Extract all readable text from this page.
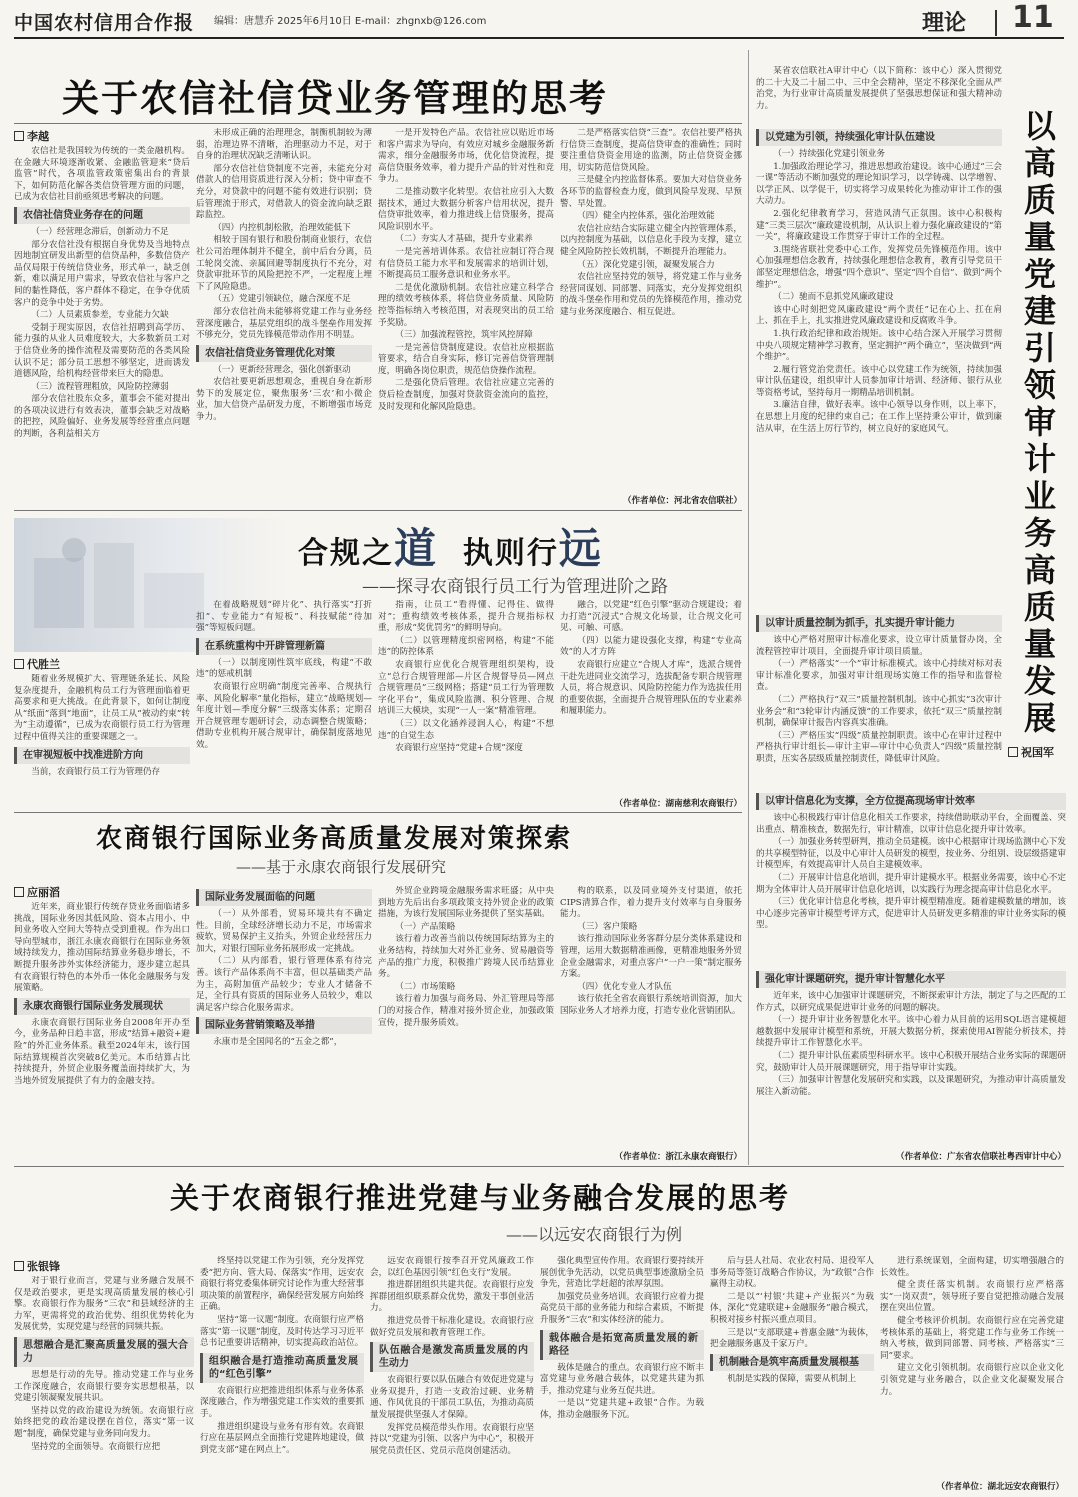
中国农村信用合作报 编辑：唐慧乔 2025年6月10日 E-mail：zhgnxb@126.com	理论 11
关于农信社信贷业务管理的思考
李越

农信社是我国较为传统的一类金融机构。在金融大环境逐渐收紧、金融监管迎来“贷后监管”时代，各项监管政策密集出台的背景下，如何防范化解各类信贷管理方面的问题，已成为农信社目前亟须思考解决的问题。

农信社信贷业务存在的问题

（一）经营理念滞后，创新动力不足

部分农信社没有根据自身优势及当地特点因地制宜研发出新型的信贷品种，多数信贷产品仅局限于传统信贷业务，形式单一，缺乏创新，难以满足用户需求，导致农信社与客户之间的黏性降低，客户群体不稳定，在争夺优质客户的竞争中处于劣势。

（二）人员素质参差，专业能力欠缺

受制于现实原因，农信社招聘到高学历、能力强的从业人员难度较大，大多数新员工对于信贷业务的操作流程及需要防范的各类风险认识不足；部分员工思想不够坚定，进而诱发道德风险，给机构经营带来巨大的隐患。

（三）流程管理粗放，风险防控薄弱

部分农信社股东众多，董事会不能对提出的各项决议进行有效表决，董事会缺乏对战略的把控，风险偏好、业务发展等经营重点问题的判断，各利益相关方

未形成正确的治理理念，制衡机制较为薄弱，治理边界不清晰，治理驱动力不足，对于自身的治理状况缺乏清晰认识。

部分农信社信贷制度不完善，未能充分对借款人的信用资质进行深入分析；贷中审查不充分，对贷款中的问题不能有效进行识别；贷后管理流于形式，对借款人的资金流向缺乏跟踪监控。

（四）内控机制松散，治理效能低下

相较于国有银行和股份制商业银行，农信社公司治理体制并不健全，前中后台分离，员工轮岗交流、亲属回避等制度执行不充分，对贷款审批环节的风险把控不严，一定程度上埋下了风险隐患。

（五）党建引领缺位，融合深度不足

部分农信社尚未能够将党建工作与业务经营深度融合，基层党组织的战斗堡垒作用发挥不够充分，党员先锋模范带动作用不明显。

农信社信贷业务管理优化对策

（一）更新经营理念，强化创新驱动

农信社要更新思想观念，重视自身在新形势下的发展定位，聚焦服务‘三农’和小微企业，加大信贷产品研发力度，不断增强市场竞争力。

一是开发特色产品。农信社应以贴近市场和客户需求为导向，有效应对城乡金融服务新需求，细分金融服务市场，优化信贷流程，提高信贷服务效率，着力提升产品的针对性和竞争力。

二是推动数字化转型。农信社应引入大数据技术，通过大数据分析客户信用状况，提升信贷审批效率，着力推进线上信贷服务，提高风险识别水平。

（二）夯实人才基础，提升专业素养

一是完善培训体系。农信社应制订符合现有信贷员工能力水平和发展需求的培训计划，不断提高员工服务意识和业务水平。

二是优化激励机制。农信社应建立科学合理的绩效考核体系，将信贷业务质量、风险防控等指标纳入考核范围，对表现突出的员工给予奖励。

（三）加强流程管控，筑牢风控屏障

一是完善信贷制度建设。农信社应根据监管要求，结合自身实际，修订完善信贷管理制度，明确各岗位职责，规范信贷操作流程。

二是强化贷后管理。农信社应建立完善的贷后检查制度，加强对贷款资金流向的监控，及时发现和化解风险隐患。

二是严格落实信贷“三查”。农信社要严格执行信贷三查制度，提高信贷审查的准确性；同时要注重信贷资金用途的监测，防止信贷资金挪用，切实防范信贷风险。

三是健全内控监督体系。要加大对信贷业务各环节的监督检查力度，做到风险早发现、早预警、早处置。

（四）健全内控体系，强化治理效能

农信社应结合实际建立健全内控管理体系，以内控制度为基础，以信息化手段为支撑，建立健全风险防控长效机制，不断提升治理能力。

（五）深化党建引领，凝聚发展合力

农信社应坚持党的领导，将党建工作与业务经营同谋划、同部署、同落实，充分发挥党组织的战斗堡垒作用和党员的先锋模范作用，推动党建与业务深度融合、相互促进。

（作者单位：河北省农信联社）
合规之道 执则行远
——探寻农商银行员工行为管理进阶之路
代胜兰

随着业务规模扩大、管理链条延长、风险复杂度提升，金融机构员工行为管理面临着更高要求和更大挑战。在此背景下，如何让制度从“纸面”落到“地面”，让员工从“被动约束”转为“主动遵循”，已成为农商银行员工行为管理过程中值得关注的重要课题之一。

在审视短板中找准进阶方向

当前，农商银行员工行为管理仍存

在着战略规划“碎片化”、执行落实“打折扣”、专业能力“有短板”、科技赋能“待加强”等短板问题。

在系统重构中开辟管理新篇

（一）以制度刚性筑牢底线，构建“不敢违”的惩戒机制

农商银行应明确“制度完善率、合规执行率、风险化解率”量化指标，建立“战略规划—年度计划—季度分解”三级落实体系；定期召开合规管理专题研讨会，动态调整合规策略；借助专业机构开展合规审计，确保制度落地见效。

指南，让员工“看得懂、记得住、做得对”；重构绩效考核体系，提升合规指标权重，形成“奖优罚劣”的鲜明导向。

（二）以管理精度织密网格，构建“不能违”的防控体系

农商银行应优化合规管理组织架构，设立“总行合规管理部—片区合规督导员—网点合规管理员”三级网格；搭建“员工行为管理数字化平台”，集成风险监测、积分管理、合规培训三大模块，实现“一人一案”精准管理。

（三）以文化涵养浸润人心，构建“不想违”的自觉生态

农商银行应坚持“党建+合规”深度

融合，以党建“红色引擎”驱动合规建设；着力打造“沉浸式”合规文化场景，让合规文化可见、可触、可感。

（四）以能力建设强化支撑，构建“专业高效”的人才方阵

农商银行应建立“合规人才库”，选派合规骨干赴先进同业交流学习，选拔配备专职合规管理人员，将合规意识、风险防控能力作为选拔任用的重要依据，全面提升合规管理队伍的专业素养和履职能力。

（作者单位：湖南慈利农商银行）
农商银行国际业务高质量发展对策探索
——基于永康农商银行发展研究
应丽滔

近年来，商业银行传统存贷业务面临诸多挑战，国际业务因其低风险、资本占用小、中间业务收入空间大等特点受到重视。作为出口导向型城市，浙江永康农商银行在国际业务领域持续发力，推动国际结算业务稳步增长，不断提升服务涉外实体经济能力，逐步建立起具有农商银行特色的本外币一体化金融服务与发展策略。

永康农商银行国际业务发展现状

永康农商银行国际业务自2008年开办至今，业务品种日趋丰富，形成“结算+融资+避险”的外汇业务体系。截至2024年末，该行国际结算规模首次突破8亿美元。本币结算占比持续提升，外贸企业服务覆盖面持续扩大，为当地外贸发展提供了有力的金融支持。

国际业务发展面临的问题

（一）从外部看，贸易环境共有不确定性。目前，全球经济增长动力不足，市场需求疲软，贸易保护主义抬头，外贸企业经营压力加大，对银行国际业务拓展形成一定挑战。

（二）从内部看，银行管理体系有待完善。该行产品体系尚不丰富，但以基础类产品为主，高附加值产品较少；专业人才储备不足，全行具有资质的国际业务人员较少，难以满足客户综合化服务需求。

国际业务营销策略及举措

永康市是全国闻名的“五金之都”，

外贸企业跨境金融服务需求旺盛；从中央到地方先后出台多项政策支持外贸企业的政策措施，为该行发展国际业务提供了坚实基础。

（一）产品策略

该行着力改善当前以传统国际结算为主的业务结构，持续加大对外汇业务、贸易融资等产品的推广力度，积极推广跨境人民币结算业务。

（二）市场策略

该行着力加强与商务局、外汇管理局等部门的对接合作，精准对接外贸企业，加强政策宣传，提升服务质效。

构的联系，以及同业境外支付渠道，依托CIPS清算合作，着力提升支付效率与自身服务能力。

（三）客户策略

该行推动国际业务客群分层分类体系建设和管理，运用大数据精准画像，更精准地服务外贸企业金融需求，对重点客户“一户一策”制定服务方案。

（四）优化专业人才队伍

该行依托全省农商银行系统培训资源，加大国际业务人才培养力度，打造专业化营销团队。

（作者单位：浙江永康农商银行）

某省农信联社A审计中心（以下简称：该中心）深入贯彻党的二十大及二十届二中、三中全会精神，坚定不移深化全面从严治党，为行业审计高质量发展提供了坚强思想保证和强大精神动力。

以
高
质
量
党
建
引
领
审
计
业
务
高
质
量
发
展
祝国军
以党建为引领，持续强化审计队伍建设

（一）持续强化党建引领业务

1.加强政治理论学习，推进思想政治建设。该中心通过“三会一课”等活动不断加强党的理论知识学习，以学铸魂、以学增智、以学正风、以学促干，切实将学习成果转化为推动审计工作的强大动力。

2.强化纪律教育学习，营造风清气正氛围。该中心积极构建“三类三层次”廉政建设机制，从认识上着力强化廉政建设的“第一关”，将廉政建设工作贯穿于审计工作的全过程。

3.围绕省联社党委中心工作，发挥党员先锋模范作用。该中心加强理想信念教育，持续强化理想信念教育，教育引导党员干部坚定理想信念，增强“四个意识”、坚定“四个自信”、做到“两个维护”。

（二）驰而不息抓党风廉政建设

该中心时刻把党风廉政建设“两个责任”记在心上、扛在肩上、抓在手上，扎实推进党风廉政建设和反腐败斗争。

1.执行政治纪律和政治规矩。该中心结合深入开展学习贯彻中央八项规定精神学习教育，坚定拥护“两个确立”，坚决做到“两个维护”。

2.履行管党治党责任。该中心以党建工作为统领，持续加强审计队伍建设，组织审计人员参加审计培训、经济师、银行从业等资格考试，坚持每月一期精品培训机制。

3.廉洁自律，做好表率。该中心领导以身作则，以上率下，在思想上月度的纪律约束自己；在工作上坚持秉公审计，做到廉洁从审，在生活上厉行节约，树立良好的家庭风气。

以审计质量控制为抓手，扎实提升审计能力

该中心严格对照审计标准化要求，设立审计质量督办岗，全流程管控审计项目，全面提升审计项目质量。

（一）严格落实“一个”审计标准模式。该中心持续对标对表审计标准化要求，加强对审计组现场实施工作的指导和监督检查。

（二）严格执行“双三”质量控制机制。该中心抓实“3次审计业务会”和“3轮审计内涵反馈”的工作要求，依托“双三”质量控制机制，确保审计报告内容真实准确。

（三）严格压实“四级”质量控制职责。该中心在审计过程中严格执行审计组长—审计主审—审计中心负责人“四级”质量控制职责，压实各层级质量控制责任，降低审计风险。

以审计信息化为支撑，全方位提高现场审计效率

该中心积极践行审计信息化相关工作要求，持续借助联动平台，全面覆盖、突出重点、精准核查，数据先行，审计精准，以审计信息化提升审计效率。

（一）加强业务转型研判，推动全员建模。该中心根据审计现场监测中心下发的共享模型特征，以及中心审计人员研发的模型，按业务、分组别、设层级搭建审计模型库，有效提高审计人员自主建模效率。

（二）开展审计信息化培训，提升审计建模水平。根据业务需要，该中心不定期为全体审计人员开展审计信息化培训，以实践行为理念提高审计信息化水平。

（三）优化审计信息化考核，提升审计模型精准度。随着建模数量的增加，该中心逐步完善审计模型考评方式，促进审计人员研发更多精准的审计业务实际的模型。

强化审计课题研究，提升审计智慧化水平

近年来，该中心加强审计课题研究，不断探索审计方法，制定了与之匹配的工作方式，以研究成果促进审计业务的问题的解决。

（一）提升审计业务智慧化水平。该中心着力从目前的运用SQL语言建模超越数据中发展审计模型和系统，开展大数据分析，探索使用AI智能分析技术，持续提升审计工作智慧化水平。

（二）提升审计队伍素质型科研水平。该中心积极开展结合业务实际的课题研究，鼓励审计人员开展课题研究，用于指导审计实践。

（三）加强审计智慧化发展研究和实践，以及课题研究，为推动审计高质量发展注入新动能。

（作者单位：广东省农信联社粤西审计中心）
关于农商银行推进党建与业务融合发展的思考
——以远安农商银行为例
张银锋

对于银行业而言，党建与业务融合发展不仅是政治要求，更是实现高质量发展的核心引擎。农商银行作为服务“三农”和县域经济的主力军，更需将党的政治优势、组织优势转化为发展优势，实现党建与经营的同频共振。

思想融合是汇聚高质量发展的强大合力

思想是行动的先导。推动党建工作与业务工作深度融合，农商银行要夯实思想根基，以党建引领凝聚发展共识。

坚持以党的政治建设为统领。农商银行应始终把党的政治建设摆在首位，落实“第一议题”制度，确保党建与业务同向发力。

坚持党的全面领导。农商银行应把

终坚持以党建工作为引领，充分发挥党委“把方向、管大局、保落实”作用，远安农商银行将党委集体研究讨论作为重大经营事项决策的前置程序，确保经营发展方向始终正确。

坚持“第一议题”制度。农商银行应严格落实“第一议题”制度，及时传达学习习近平总书记重要讲话精神，切实提高政治站位。

组织融合是打造推动高质量发展的“红色引擎”

农商银行应把推进组织体系与业务体系深度融合，作为增强党建工作实效的重要抓手。

推进组织建设与业务有形有效。农商银行应在基层网点全面推行党建阵地建设，做到党支部“建在网点上”。

远安农商银行按季召开党风廉政工作会，以红色基因引领“红色支行”发展。

推进群团组织共建共促。农商银行应发挥群团组织联系群众优势，激发干事创业活力。

推进党员骨干标准化建设。农商银行应做好党员发展和教育管理工作。

队伍融合是激发高质量发展的内生动力

农商银行要以队伍融合有效促进党建与业务双提升，打造一支政治过硬、业务精通、作风优良的干部员工队伍，为推动高质量发展提供坚强人才保障。

发挥党员模范带头作用。农商银行应坚持以“党建为引领、以客户为中心”，积极开展党员责任区、党员示范岗创建活动。

强化典型宣传作用。农商银行要持续开展创优争先活动，以党员典型事迹激励全员争先，营造比学赶超的浓厚氛围。

加强党员业务培训。农商银行应着力提高党员干部的业务能力和综合素质，不断提升服务“三农”和实体经济的能力。

载体融合是拓宽高质量发展的新路径

载体是融合的重点。农商银行应不断丰富党建与业务融合载体，以党建共建为抓手，推动党建与业务互促共进。

一是以“党建共建+政银”合作。为载体，推动金融服务下沉。

后与县人社局、农业农村局、退役军人事务局等签订战略合作协议，为“政银”合作赢得主动权。

二是以“‘村银’共建+产业振兴”为载体，深化“党建联建+金融服务”融合模式，积极对接乡村振兴重点项目。

三是以“支部联建+普惠金融”为载体，把金融服务惠及千家万户。

机制融合是筑牢高质量发展根基

机制是实践的保障，需要从机制上

进行系统谋划，全面构建，切实增强融合的长效性。

健全责任落实机制。农商银行应严格落实“一岗双责”，领导班子要自觉把推动融合发展摆在突出位置。

健全考核评价机制。农商银行应在完善党建考核体系的基础上，将党建工作与业务工作统一纳入考核，做到同部署、同考核、严格落实“三同”要求。

建立文化引领机制。农商银行应以企业文化引领党建与业务融合，以企业文化凝聚发展合力。

（作者单位：湖北远安农商银行）
